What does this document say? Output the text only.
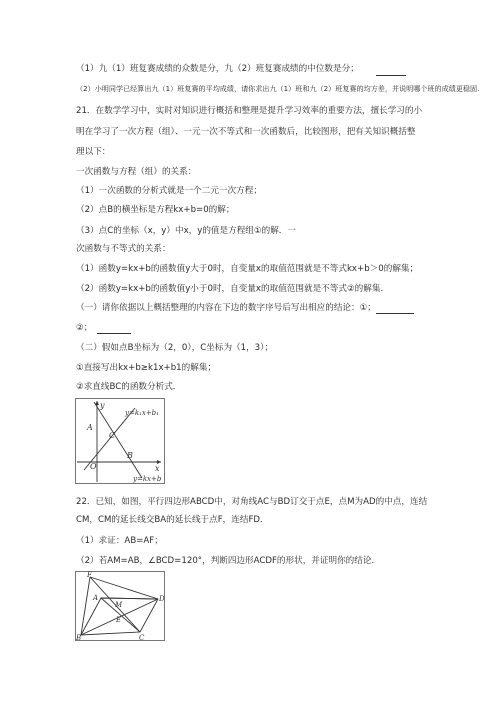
（1）九（1）班复赛成绩的众数是分，九（2）班复赛成绩的中位数是分；
（2）小明同学已经算出九（1）班复赛的平均成绩，请你求出九（1）班和九（2）班复赛的均方差，并说明哪个班的成绩更稳固.
21．在数学学习中，实时对知识进行概括和整理是提升学习效率的重要方法，擅长学习的小
明在学习了一次方程（组）、一元一次不等式和一次函数后，比较图形，把有关知识概括整
理以下：
一次函数与方程（组）的关系：
（1）一次函数的分析式就是一个二元一次方程；
（2）点B的横坐标是方程kx+b=0的解；
（3）点C的坐标（x，y）中x，y的值是方程组①的解．一
次函数与不等式的关系：
（1）函数y=kx+b的函数值y大于0时，自变量x的取值范围就是不等式kx+b＞0的解集；
（2）函数y=kx+b的函数值y小于0时，自变量x的取值范围就是不等式②的解集．
（一）请你依据以上概括整理的内容在下边的数字序号后写出相应的结论：①；
②；
（二）假如点B坐标为（2，0），C坐标为（1，3）；
①直接写出kx+b≥k1x+b1的解集；
②求直线BC的函数分析式．
y
x
O
A
C
B
y=k₁x+b₁
y=kx+b
22．已知，如图，平行四边形ABCD中，对角线AC与BD订交于点E，点M为AD的中点，连结
CM，CM的延长线交BA的延长线于点F，连结FD．
（1）求证：AB=AF；
（2）若AM=AB，∠BCD=120°，判断四边形ACDF的形状，并证明你的结论．
F
A
M
D
E
B	C
